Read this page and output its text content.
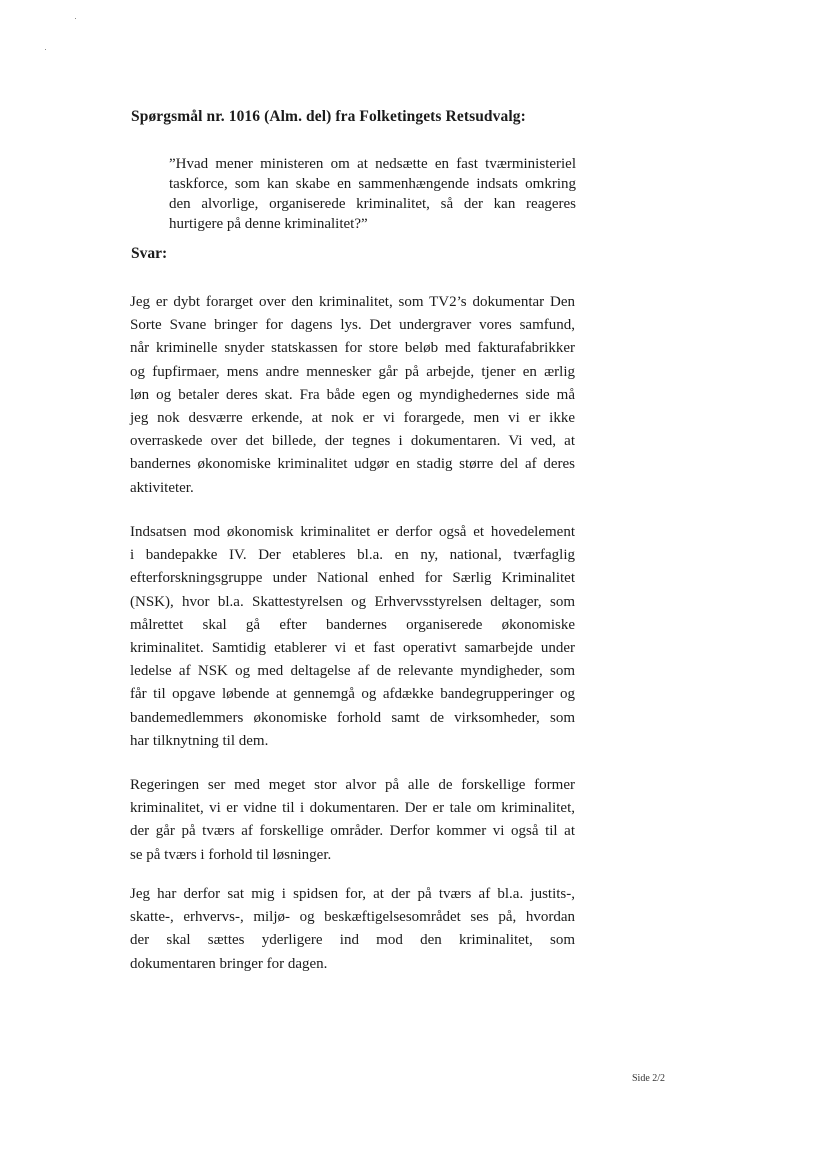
Spørgsmål nr. 1016 (Alm. del) fra Folketingets Retsudvalg:
”Hvad mener ministeren om at nedsætte en fast tværministeriel
taskforce, som kan skabe en sammenhængende indsats omkring
den alvorlige, organiserede kriminalitet, så der kan reageres
hurtigere på denne kriminalitet?”
Svar:
Jeg er dybt forarget over den kriminalitet, som TV2’s dokumentar Den
Sorte Svane bringer for dagens lys. Det undergraver vores samfund,
når kriminelle snyder statskassen for store beløb med fakturafabrikker
og fupfirmaer, mens andre mennesker går på arbejde, tjener en ærlig
løn og betaler deres skat. Fra både egen og myndighedernes side må
jeg nok desværre erkende, at nok er vi forargede, men vi er ikke
overraskede over det billede, der tegnes i dokumentaren. Vi ved, at
bandernes økonomiske kriminalitet udgør en stadig større del af deres
aktiviteter.
Indsatsen mod økonomisk kriminalitet er derfor også et hovedelement
i bandepakke IV. Der etableres bl.a. en ny, national, tværfaglig
efterforskningsgruppe under National enhed for Særlig Kriminalitet
(NSK), hvor bl.a. Skattestyrelsen og Erhvervsstyrelsen deltager, som
målrettet skal gå efter bandernes organiserede økonomiske
kriminalitet. Samtidig etablerer vi et fast operativt samarbejde under
ledelse af NSK og med deltagelse af de relevante myndigheder, som
får til opgave løbende at gennemgå og afdække bandegrupperinger og
bandemedlemmers økonomiske forhold samt de virksomheder, som
har tilknytning til dem.
Regeringen ser med meget stor alvor på alle de forskellige former
kriminalitet, vi er vidne til i dokumentaren. Der er tale om kriminalitet,
der går på tværs af forskellige områder. Derfor kommer vi også til at
se på tværs i forhold til løsninger.
Jeg har derfor sat mig i spidsen for, at der på tværs af bl.a. justits-,
skatte-, erhvervs-, miljø- og beskæftigelsesområdet ses på, hvordan
der skal sættes yderligere ind mod den kriminalitet, som
dokumentaren bringer for dagen.
Side 2/2
